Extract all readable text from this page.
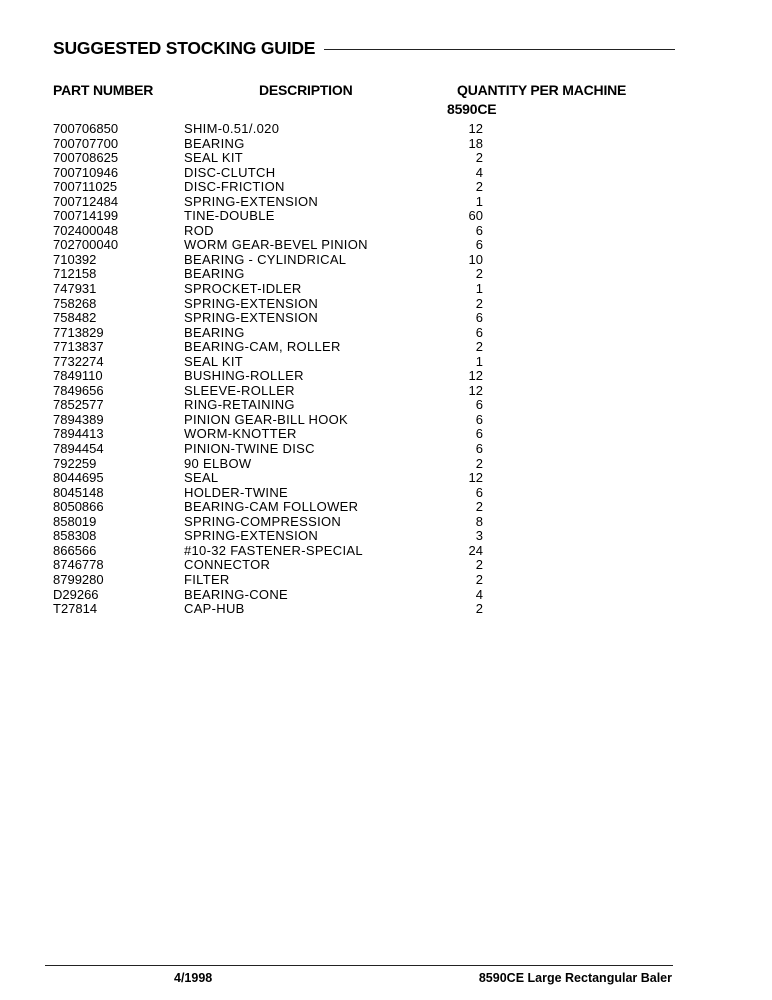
SUGGESTED STOCKING GUIDE
PART NUMBER	DESCRIPTION	QUANTITY PER MACHINE
8590CE
700706850	SHIM-0.51/.020	12
700707700	BEARING	18
700708625	SEAL KIT	2
700710946	DISC-CLUTCH	4
700711025	DISC-FRICTION	2
700712484	SPRING-EXTENSION	1
700714199	TINE-DOUBLE	60
702400048	ROD	6
702700040	WORM GEAR-BEVEL PINION	6
710392	BEARING - CYLINDRICAL	10
712158	BEARING	2
747931	SPROCKET-IDLER	1
758268	SPRING-EXTENSION	2
758482	SPRING-EXTENSION	6
7713829	BEARING	6
7713837	BEARING-CAM, ROLLER	2
7732274	SEAL KIT	1
7849110	BUSHING-ROLLER	12
7849656	SLEEVE-ROLLER	12
7852577	RING-RETAINING	6
7894389	PINION GEAR-BILL HOOK	6
7894413	WORM-KNOTTER	6
7894454	PINION-TWINE DISC	6
792259	90 ELBOW	2
8044695	SEAL	12
8045148	HOLDER-TWINE	6
8050866	BEARING-CAM FOLLOWER	2
858019	SPRING-COMPRESSION	8
858308	SPRING-EXTENSION	3
866566	#10-32 FASTENER-SPECIAL	24
8746778	CONNECTOR	2
8799280	FILTER	2
D29266	BEARING-CONE	4
T27814	CAP-HUB	2
4/1998	8590CE Large Rectangular Baler
